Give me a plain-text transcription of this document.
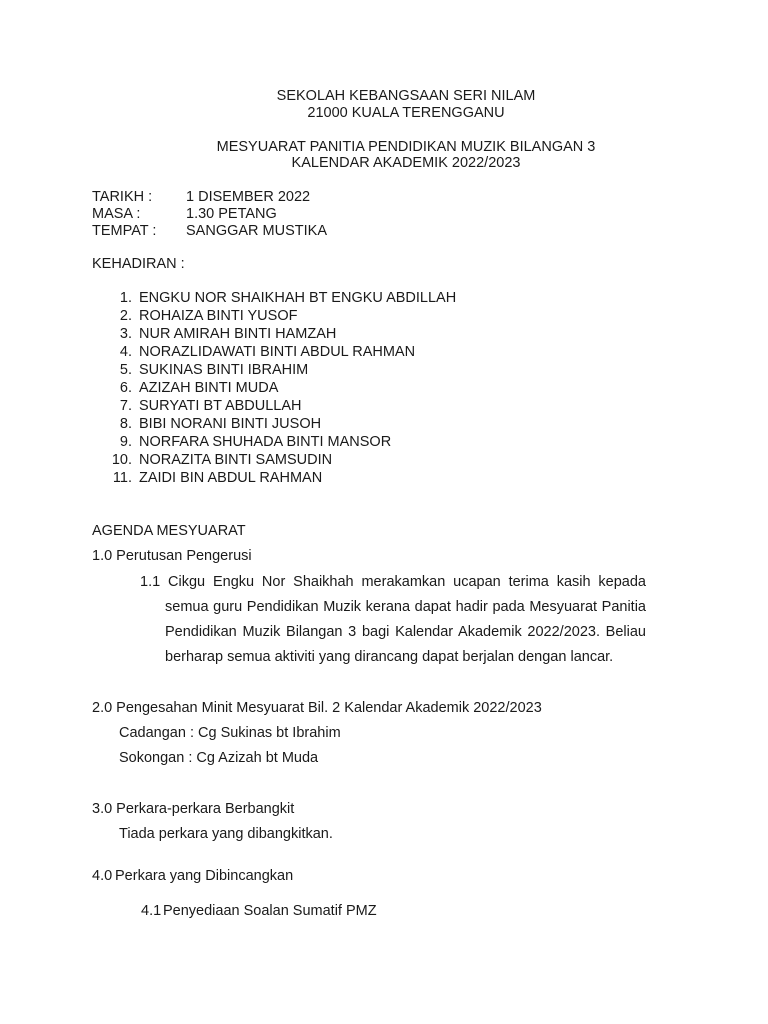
SEKOLAH KEBANGSAAN SERI NILAM
21000 KUALA TERENGGANU
MESYUARAT PANITIA PENDIDIKAN MUZIK BILANGAN 3
KALENDAR AKADEMIK 2022/2023
TARIKH : 1 DISEMBER 2022
MASA :	1.30 PETANG
TEMPAT : SANGGAR MUSTIKA
KEHADIRAN :
1. ENGKU NOR SHAIKHAH BT ENGKU ABDILLAH
2. ROHAIZA BINTI YUSOF
3. NUR AMIRAH BINTI HAMZAH
4. NORAZLIDAWATI BINTI ABDUL RAHMAN
5. SUKINAS BINTI IBRAHIM
6. AZIZAH BINTI MUDA
7. SURYATI BT ABDULLAH
8. BIBI NORANI BINTI JUSOH
9. NORFARA SHUHADA BINTI MANSOR
10. NORAZITA BINTI SAMSUDIN
11. ZAIDI BIN ABDUL RAHMAN
AGENDA MESYUARAT
1.0 Perutusan Pengerusi
1.1 Cikgu Engku Nor Shaikhah merakamkan ucapan terima kasih kepada semua guru Pendidikan Muzik kerana dapat hadir pada Mesyuarat Panitia Pendidikan Muzik Bilangan 3 bagi Kalendar Akademik 2022/2023. Beliau berharap semua aktiviti yang dirancang dapat berjalan dengan lancar.
2.0 Pengesahan Minit Mesyuarat Bil. 2 Kalendar Akademik 2022/2023
Cadangan : Cg Sukinas bt Ibrahim
Sokongan : Cg Azizah bt Muda
3.0 Perkara-perkara Berbangkit
Tiada perkara yang dibangkitkan.
4.0 Perkara yang Dibincangkan
4.1 Penyediaan Soalan Sumatif PMZ
